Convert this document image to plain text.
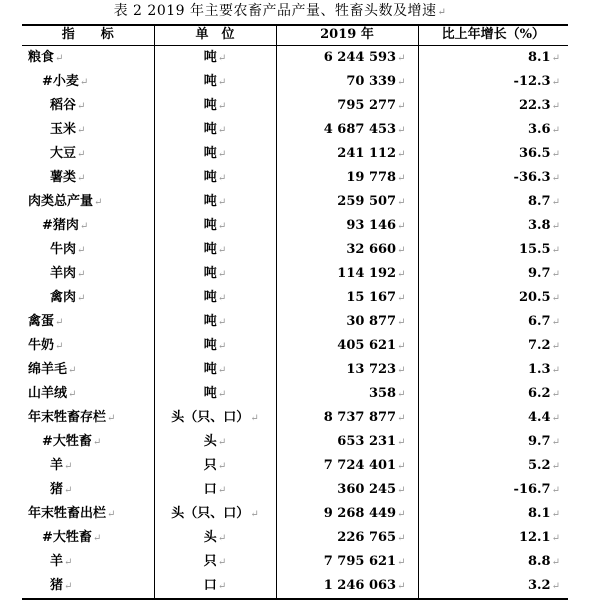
表 2 2019 年主要农畜产品产量、牲畜头数及增速↵
指　　标	单　位	2019 年	比上年增长（%）
粮食↵	吨↵	6 244 593↵	8.1↵
#小麦↵	吨↵	70 339↵	-12.3↵
稻谷↵	吨↵	795 277↵	22.3↵
玉米↵	吨↵	4 687 453↵	3.6↵
大豆↵	吨↵	241 112↵	36.5↵
薯类↵	吨↵	19 778↵	-36.3↵
肉类总产量↵	吨↵	259 507↵	8.7↵
#猪肉↵	吨↵	93 146↵	3.8↵
牛肉↵	吨↵	32 660↵	15.5↵
羊肉↵	吨↵	114 192↵	9.7↵
禽肉↵	吨↵	15 167↵	20.5↵
禽蛋↵	吨↵	30 877↵	6.7↵
牛奶↵	吨↵	405 621↵	7.2↵
绵羊毛↵	吨↵	13 723↵	1.3↵
山羊绒↵	吨↵	358↵	6.2↵
年末牲畜存栏↵	头（只、口）↵	8 737 877↵	4.4↵
#大牲畜↵	头↵	653 231↵	9.7↵
羊↵	只↵	7 724 401↵	5.2↵
猪↵	口↵	360 245↵	-16.7↵
年末牲畜出栏↵	头（只、口）↵	9 268 449↵	8.1↵
#大牲畜↵	头↵	226 765↵	12.1↵
羊↵	只↵	7 795 621↵	8.8↵
猪↵	口↵	1 246 063↵	3.2↵
